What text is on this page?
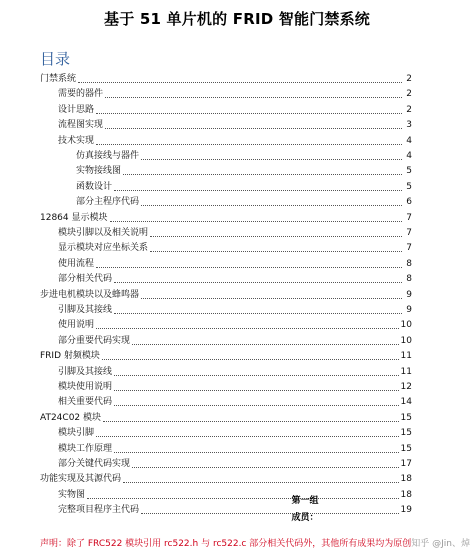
基于 51 单片机的 FRID 智能门禁系统
目录
门禁系统	2
需要的器件	2
设计思路	2
流程图实现	3
技术实现	4
仿真接线与器件	4
实物接线图	5
函数设计	5
部分主程序代码	6
12864 显示模块	7
模块引脚以及相关说明	7
显示模块对应坐标关系	7
使用流程	8
部分相关代码	8
步进电机模块以及蜂鸣器	9
引脚及其接线	9
使用说明	10
部分重要代码实现	10
FRID 射频模块	11
引脚及其接线	11
模块使用说明	12
相关重要代码	14
AT24C02 模块	15
模块引脚	15
模块工作原理	15
部分关键代码实现	17
功能实现及其源代码	18
实物图	18
完整项目程序主代码	19
第一组
成员：
声明：除了 FRC522 模块引用 rc522.h 与 rc522.c 部分相关代码外，其他所有成果均为原创 知乎 @Jin、焯
